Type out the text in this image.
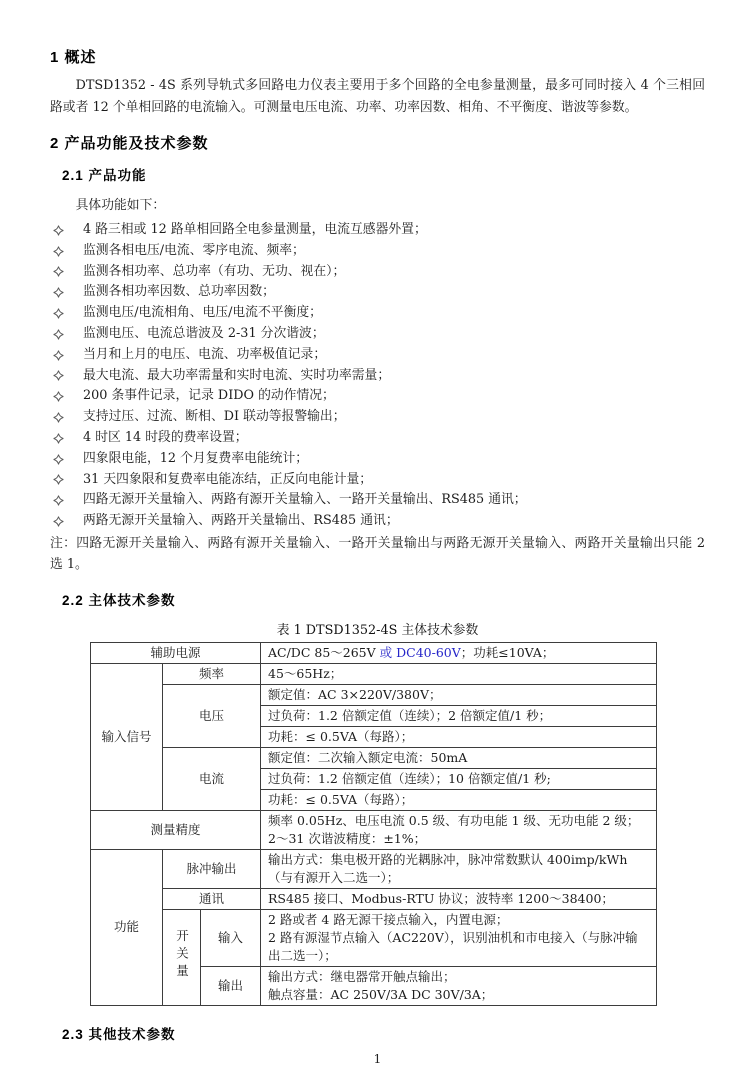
1 概述

DTSD1352 - 4S 系列导轨式多回路电力仪表主要用于多个回路的全电参量测量，最多可同时接入 4 个三相回路或者 12 个单相回路的电流输入。可测量电压电流、功率、功率因数、相角、不平衡度、谐波等参数。

2 产品功能及技术参数
2.1 产品功能

具体功能如下：

4 路三相或 12 路单相回路全电参量测量，电流互感器外置；
监测各相电压/电流、零序电流、频率；
监测各相功率、总功率（有功、无功、视在）；
监测各相功率因数、总功率因数；
监测电压/电流相角、电压/电流不平衡度；
监测电压、电流总谐波及 2-31 分次谐波；
当月和上月的电压、电流、功率极值记录；
最大电流、最大功率需量和实时电流、实时功率需量；
200 条事件记录，记录 DIDO 的动作情况；
支持过压、过流、断相、DI 联动等报警输出；
4 时区 14 时段的费率设置；
四象限电能，12 个月复费率电能统计；
31 天四象限和复费率电能冻结，正反向电能计量；
四路无源开关量输入、两路有源开关量输入、一路开关量输出、RS485 通讯；
两路无源开关量输入、两路开关量输出、RS485 通讯；

注：四路无源开关量输入、两路有源开关量输入、一路开关量输出与两路无源开关量输入、两路开关量输出只能 2 选 1。

2.2 主体技术参数
表 1 DTSD1352-4S 主体技术参数
辅助电源			AC/DC 85～265V 或 DC40-60V；功耗≤10VA；
输入信号	频率		45～65Hz；
	电压		额定值：AC 3×220V/380V；
			过负荷：1.2 倍额定值（连续）；2 倍额定值/1 秒；
			功耗：≤ 0.5VA（每路）；
	电流		额定值：二次输入额定电流：50mA
			过负荷：1.2 倍额定值（连续）；10 倍额定值/1 秒;
			功耗：≤ 0.5VA（每路）；
测量精度			频率 0.05Hz、电压电流 0.5 级、有功电能 1 级、无功电能 2 级；
2～31 次谐波精度：±1%；

功能	脉冲输出		输出方式：集电极开路的光耦脉冲，脉冲常数默认 400imp/kWh（与有源开入二选一）；
	通讯		RS485 接口、Modbus-RTU 协议；波特率 1200～38400；
	开关量	输入	2 路或者 4 路无源干接点输入，内置电源；
2 路有源湿节点输入（AC220V），识别油机和市电接入（与脉冲输出二选一）；

		输出	输出方式：继电器常开触点输出；
触点容量：AC 250V/3A DC 30V/3A；
2.3 其他技术参数
1
